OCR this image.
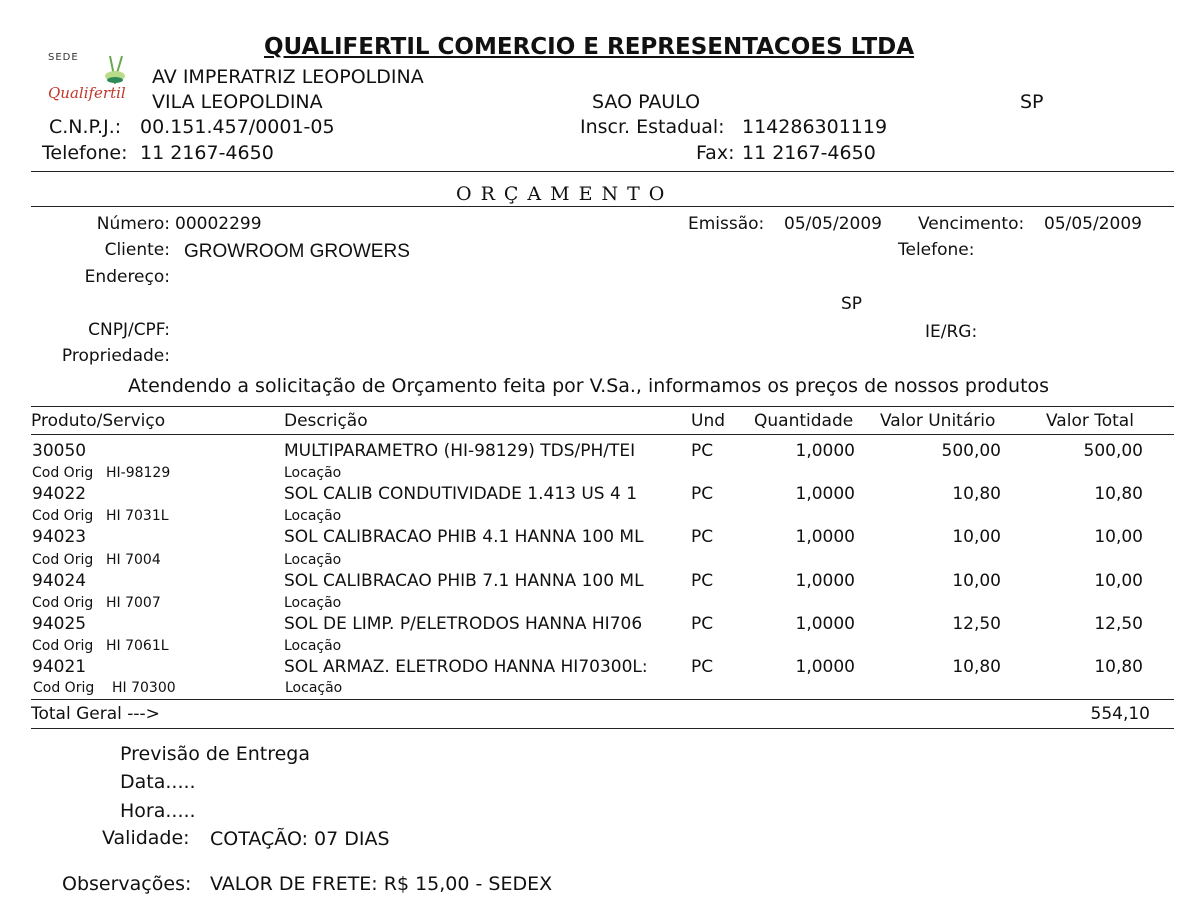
SEDE
Qualifertil
QUALIFERTIL COMERCIO E REPRESENTACOES LTDA
AV IMPERATRIZ LEOPOLDINA
VILA LEOPOLDINA	SAO PAULO	SP
C.N.P.J.: 00.151.457/0001-05	Inscr. Estadual: 114286301119
Telefone: 11 2167-4650	Fax: 11 2167-4650
ORÇAMENTO
Número: 00002299	Emissão: 05/05/2009 Vencimento: 05/05/2009
Cliente: GROWROOM GROWERS	Telefone:
Endereço:
SP
CNPJ/CPF:	IE/RG:
Propriedade:
Atendendo a solicitação de Orçamento feita por V.Sa., informamos os preços de nossos produtos
Produto/Serviço	Descrição	Und Quantidade Valor Unitário	Valor Total
30050	MULTIPARAMETRO (HI-98129) TDS/PH/TEI	PC	1,0000	500,00	500,00
Cod Orig HI-98129	Locação
94022	SOL CALIB CONDUTIVIDADE 1.413 US 4 1	PC	1,0000	10,80	10,80
Cod Orig HI 7031L	Locação
94023	SOL CALIBRACAO PHIB 4.1 HANNA 100 ML	PC	1,0000	10,00	10,00
Cod Orig HI 7004	Locação
94024	SOL CALIBRACAO PHIB 7.1 HANNA 100 ML	PC	1,0000	10,00	10,00
Cod Orig HI 7007	Locação
94025	SOL DE LIMP. P/ELETRODOS HANNA HI706	PC	1,0000	12,50	12,50
Cod Orig HI 7061L	Locação
94021	SOL ARMAZ. ELETRODO HANNA HI70300L:	PC	1,0000	10,80	10,80
Cod Orig HI 70300	Locação
Total Geral --->	554,10
Previsão de Entrega
Data.....
Hora.....
Validade: COTAÇÃO: 07 DIAS
Observações: VALOR DE FRETE: R$ 15,00 - SEDEX
